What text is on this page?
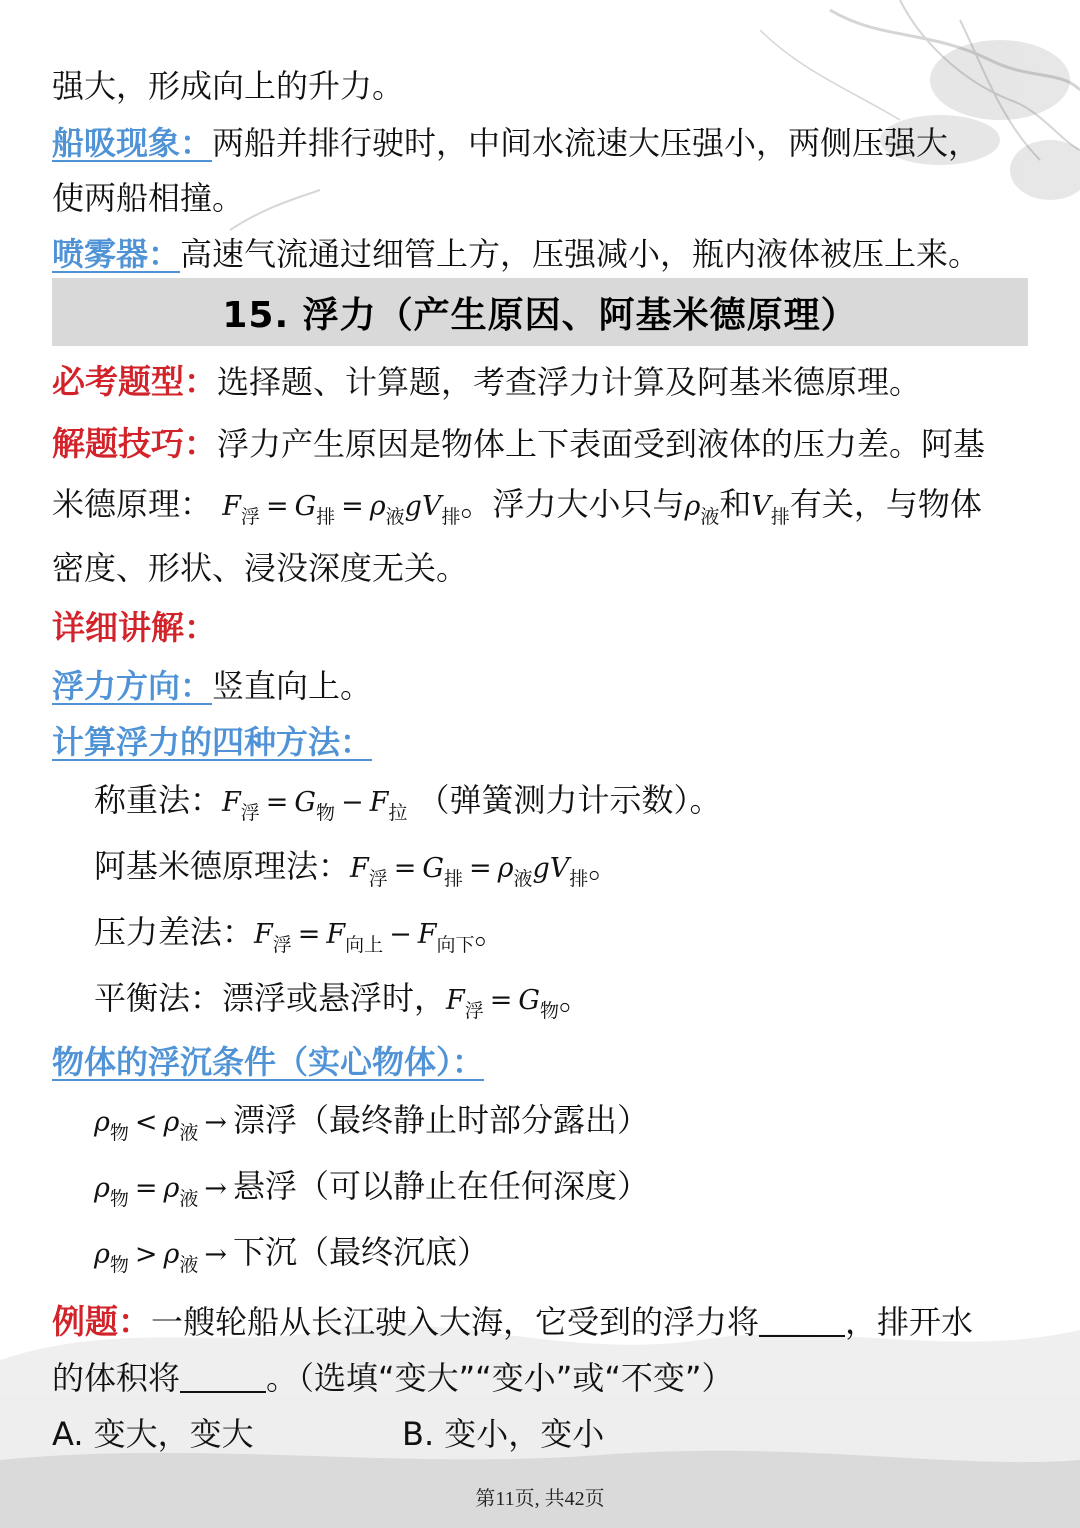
强大，形成向上的升力。
船吸现象：两船并排行驶时，中间水流速大压强小，两侧压强大，
使两船相撞。
喷雾器：高速气流通过细管上方，压强减小，瓶内液体被压上来。
15. 浮力（产生原因、阿基米德原理）
必考题型：选择题、计算题，考查浮力计算及阿基米德原理。
解题技巧：浮力产生原因是物体上下表面受到液体的压力差。阿基
米德原理： $F_浮 = G_排 = \rho_液gV_排$。浮力大小只与$\rho_液$和$V_排$有关，与物体
密度、形状、浸没深度无关。
详细讲解：
浮力方向：竖直向上。
计算浮力的四种方法：
称重法：$F_浮 = G_物 - F_拉$ （弹簧测力计示数）。
阿基米德原理法：$F_浮 = G_排 = \rho_液gV_排$。
压力差法：$F_浮 = F_{向上} - F_{向下}$。
平衡法：漂浮或悬浮时，$F_浮 = G_物$。
物体的浮沉条件（实心物体）：
$\rho_物 < \rho_液$ → 漂浮（最终静止时部分露出）
$\rho_物 = \rho_液$ → 悬浮（可以静止在任何深度）
$\rho_物 > \rho_液$ → 下沉（最终沉底）
例题：一艘轮船从长江驶入大海，它受到的浮力将	，排开水
的体积将	。（选填“变大”“变小”或“不变”）
A. 变大，变大	B. 变小，变小
第11页, 共42页
